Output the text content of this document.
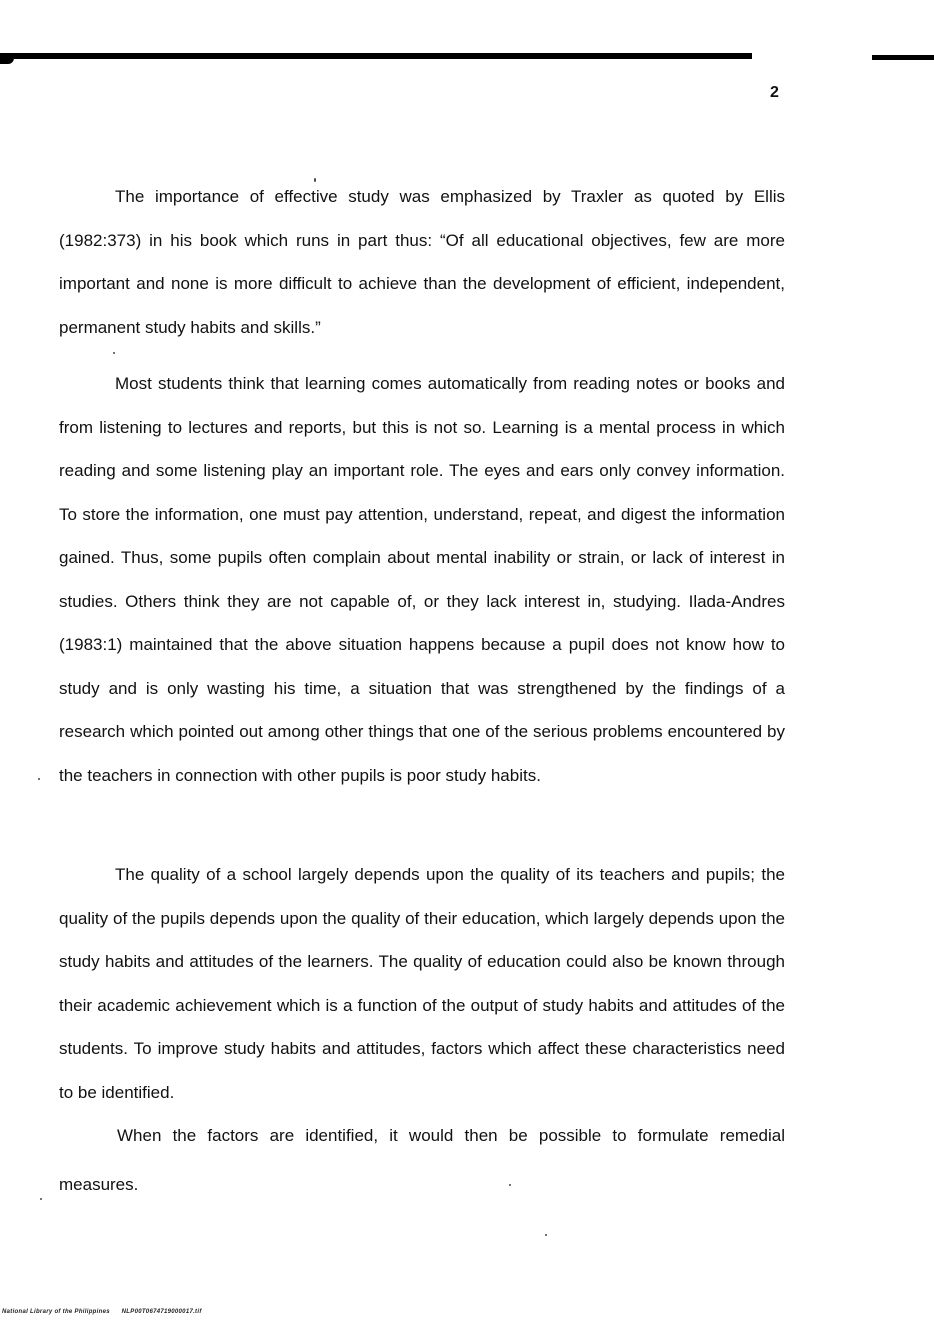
2

The importance of effective study was emphasized by Traxler as quoted by Ellis (1982:373) in his book which runs in part thus: “Of all educational objectives, few are more important and none is more difficult to achieve than the development of efficient, independent, permanent study habits and skills.”

Most students think that learning comes automatically from reading notes or books and from listening to lectures and reports, but this is not so. Learning is a mental process in which reading and some listening play an important role. The eyes and ears only convey information. To store the information, one must pay attention, understand, repeat, and digest the information gained. Thus, some pupils often complain about mental inability or strain, or lack of interest in studies. Others think they are not capable of, or they lack interest in, studying. Ilada-Andres (1983:1) maintained that the above situation happens because a pupil does not know how to study and is only wasting his time, a situation that was strengthened by the findings of a research which pointed out among other things that one of the serious problems encountered by the teachers in connection with other pupils is poor study habits.

The quality of a school largely depends upon the quality of its teachers and pupils; the quality of the pupils depends upon the quality of their education, which largely depends upon the study habits and attitudes of the learners. The quality of education could also be known through their academic achievement which is a function of the output of study habits and attitudes of the students. To improve study habits and attitudes, factors which affect these characteristics need to be identified.

When the factors are identified, it would then be possible to formulate remedial measures.

National Library of the Philippines NLP00T0674719000017.tif
